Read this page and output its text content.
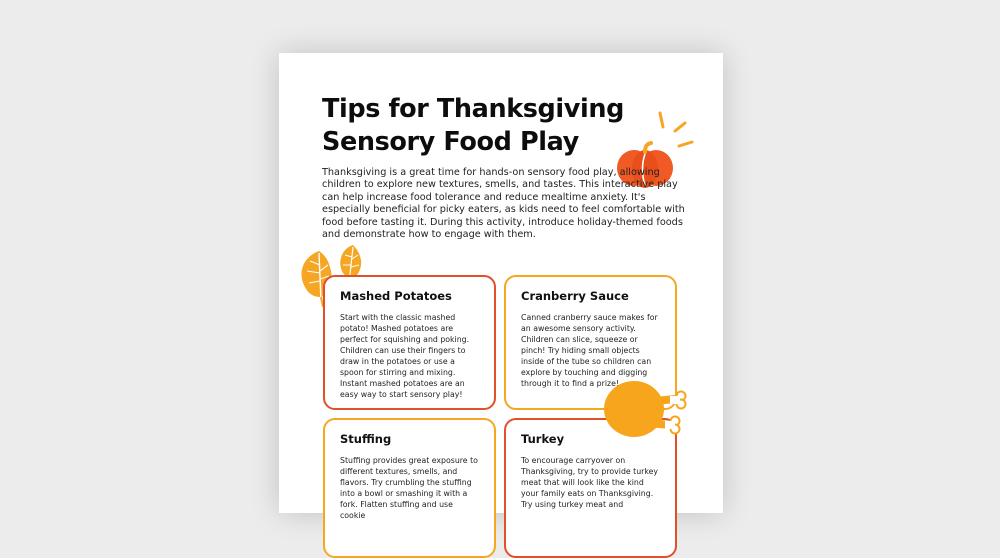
Tips for Thanksgiving Sensory Food Play

Thanksgiving is a great time for hands-on sensory food play, allowing children to explore new textures, smells, and tastes. This interactive play can help increase food tolerance and reduce mealtime anxiety. It's especially beneficial for picky eaters, as kids need to feel comfortable with food before tasting it. During this activity, introduce holiday-themed foods and demonstrate how to engage with them.

Mashed Potatoes

Start with the classic mashed potato! Mashed potatoes are perfect for squishing and poking. Children can use their fingers to draw in the potatoes or use a spoon for stirring and mixing. Instant mashed potatoes are an easy way to start sensory play!

Cranberry Sauce

Canned cranberry sauce makes for an awesome sensory activity. Children can slice, squeeze or pinch! Try hiding small objects inside of the tube so children can explore by touching and digging through it to find a prize!

Stuffing

Stuffing provides great exposure to different textures, smells, and flavors. Try crumbling the stuffing into a bowl or smashing it with a fork. Flatten stuffing and use cookie

Turkey

To encourage carryover on Thanksgiving, try to provide turkey meat that will look like the kind your family eats on Thanksgiving. Try using turkey meat and
